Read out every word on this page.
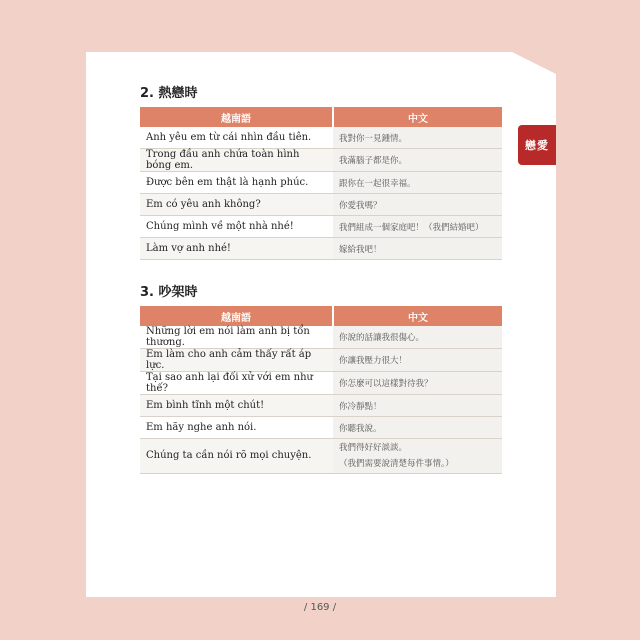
戀愛
2. 熱戀時
越南語	中文
Anh yêu em từ cái nhìn đầu tiên.	我對你一見鍾情。
Trong đầu anh chứa toàn hình bóng em.	我滿腦子都是你。
Được bên em thật là hạnh phúc.	跟你在一起很幸福。
Em có yêu anh không?	你愛我嗎？
Chúng mình về một nhà nhé!	我們組成一個家庭吧！（我們結婚吧）
Làm vợ anh nhé!	嫁給我吧！
3. 吵架時
越南語	中文
Những lời em nói làm anh bị tổn thương.	你說的話讓我很傷心。
Em làm cho anh cảm thấy rất áp lực.	你讓我壓力很大！
Tại sao anh lại đối xử với em như thế?	你怎麼可以這樣對待我？
Em bình tĩnh một chút!	你冷靜點！
Em hãy nghe anh nói.	你聽我說。
Chúng ta cần nói rõ mọi chuyện.	我們得好好談談。
（我們需要說清楚每件事情。）
/ 169 /
